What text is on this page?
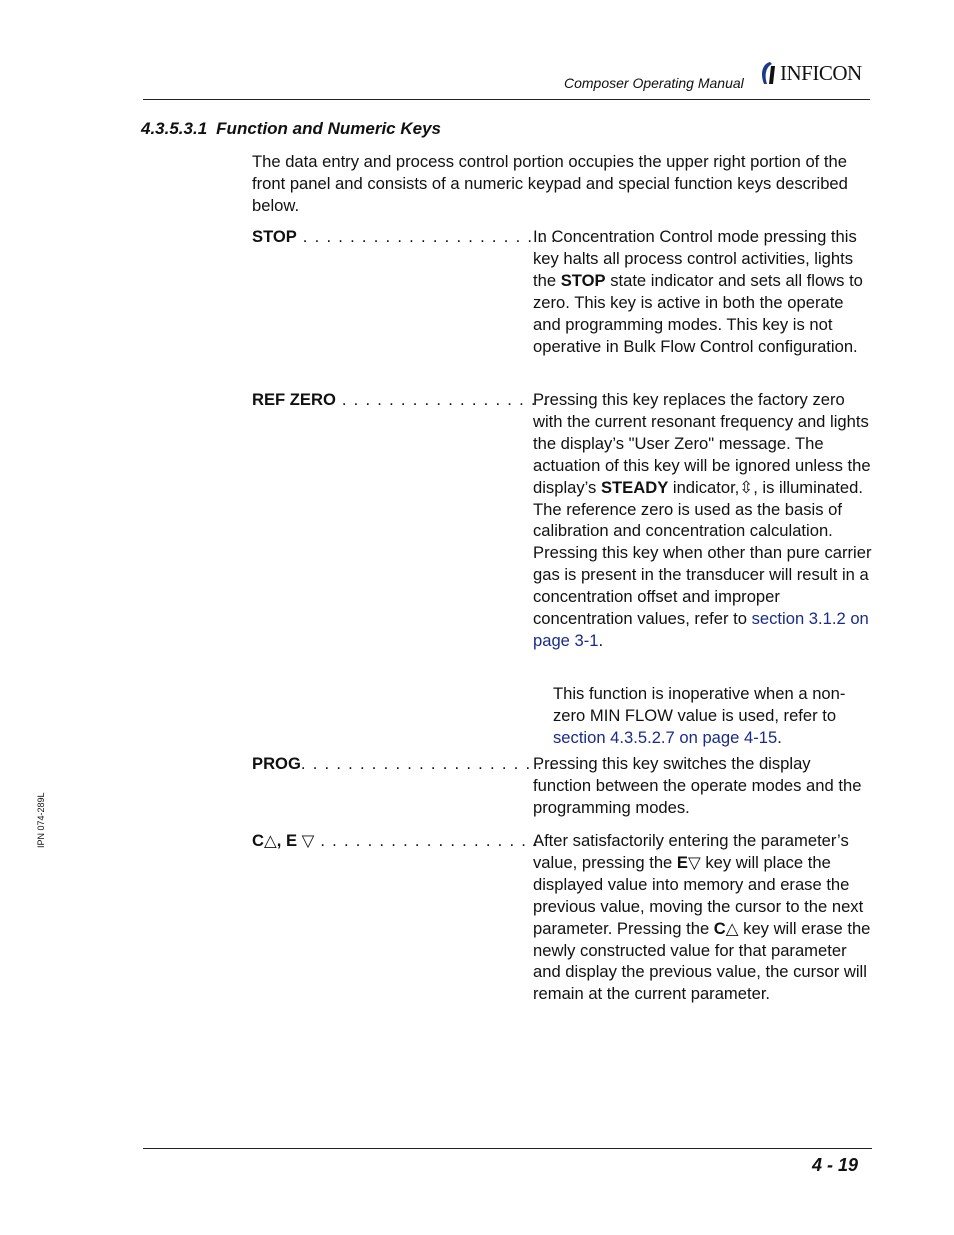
Composer Operating Manual INFICON
4.3.5.3.1 Function and Numeric Keys
The data entry and process control portion occupies the upper right portion of the front panel and consists of a numeric keypad and special function keys described below.
STOP . . . . . . . . . . . . . . . . . . . . . .
In Concentration Control mode pressing this key halts all process control activities, lights the STOP state indicator and sets all flows to zero. This key is active in both the operate and programming modes. This key is not operative in Bulk Flow Control configuration.
REF ZERO . . . . . . . . . . . . . . . . . .
Pressing this key replaces the factory zero with the current resonant frequency and lights the display’s "User Zero" message. The actuation of this key will be ignored unless the display’s STEADY indicator,⇳, is illuminated. The reference zero is used as the basis of calibration and concentration calculation. Pressing this key when other than pure carrier gas is present in the transducer will result in a concentration offset and improper concentration values, refer to section 3.1.2 on page 3-1.
This function is inoperative when a non-zero MIN FLOW value is used, refer to section 4.3.5.2.7 on page 4-15.
PROG. . . . . . . . . . . . . . . . . . . . . .
Pressing this key switches the display function between the operate modes and the programming modes.
C△, E ▽ . . . . . . . . . . . . . . . . . . .
After satisfactorily entering the parameter’s value, pressing the E▽ key will place the displayed value into memory and erase the previous value, moving the cursor to the next parameter. Pressing the C△ key will erase the newly constructed value for that parameter and display the previous value, the cursor will remain at the current parameter.
IPN 074-289L
4 - 19
